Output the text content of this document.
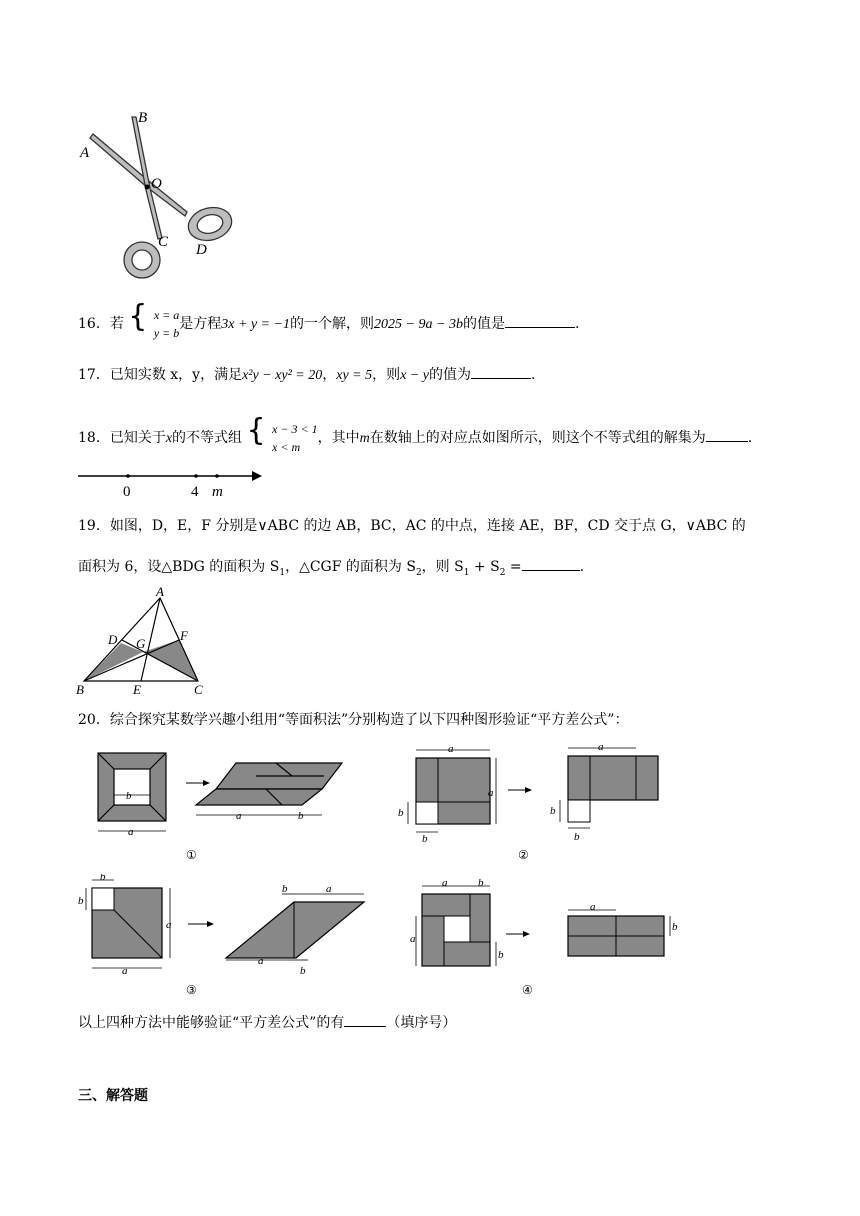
A
B
O
C D
16．若 { x = a
y = b
是方程3x + y = −1的一个解，则2025 − 9a − 3b的值是	.
17．已知实数 x，y，满足x²y − xy² = 20，xy = 5，则x − y的值为	.
18．已知关于x的不等式组 { x − 3 < 1
x < m
，其中m在数轴上的对应点如图所示，则这个不等式组的解集为	.
0	4 m
19．如图，D，E，F 分别是∨ABC 的边 AB，BC，AC 的中点，连接 AE，BF，CD 交于点 G，∨ABC 的
面积为 6，设△BDG 的面积为 $S_1$，△CGF 的面积为 $S_2$，则 $S_1 + S_2$ =	.
A
B	C
D
E
F
G
20．综合探究某数学兴趣小组用“等面积法”分别构造了以下四种图形验证“平方差公式”：
b
a
a	b
①
a
a
b
b
a
b
b
②
b
b
a
a
b	a
a
b
③
a	b
a
b
a
b
④
以上四种方法中能够验证“平方差公式”的有	（填序号）
三、解答题
